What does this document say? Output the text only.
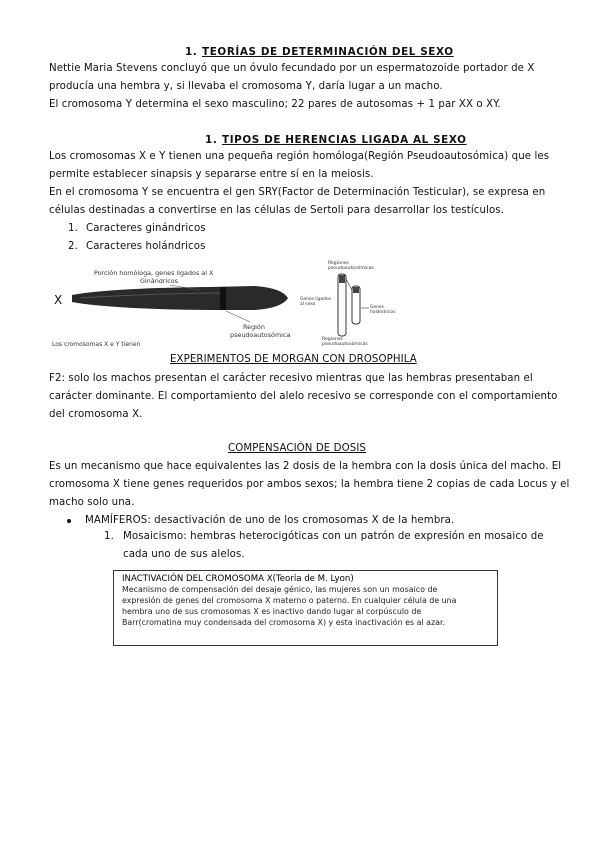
1. TEORÍAS DE DETERMINACIÓN DEL SEXO
Nettie Maria Stevens concluyó que un óvulo fecundado por un espermatozoide portador de X
producía una hembra y, si llevaba el cromosoma Y, daría lugar a un macho.
El cromosoma Y determina el sexo masculino; 22 pares de autosomas + 1 par XX o XY.
1. TIPOS DE HERENCIAS LIGADA AL SEXO
Los cromosomas X e Y tienen una pequeña región homóloga(Región Pseudoautosómica) que les
permite establecer sinapsis y separarse entre sí en la meiosis.
En el cromosoma Y se encuentra el gen SRY(Factor de Determinación Testicular), se expresa en
células destinadas a convertirse en las células de Sertoli para desarrollar los testículos.
1. Caracteres ginándricos
2. Caracteres holándricos
X
Porción homóloga, genes ligados al X
Ginándricos
Región
pseudoautosómica
Los cromosomas X e Y tienen
Regiones
pseudoautosómicas
Genes ligados
al sexo
Genes
holándricos
Regiones
pseudoautosómicas
EXPERIMENTOS DE MORGAN CON DROSOPHILA
F2: solo los machos presentan el carácter recesivo mientras que las hembras presentaban el
carácter dominante. El comportamiento del alelo recesivo se corresponde con el comportamiento
del cromosoma X.
COMPENSACIÓN DE DOSIS
Es un mecanismo que hace equivalentes las 2 dosis de la hembra con la dosis única del macho. El
cromosoma X tiene genes requeridos por ambos sexos; la hembra tiene 2 copias de cada Locus y el
macho solo una.
MAMÍFEROS: desactivación de uno de los cromosomas X de la hembra.
1. Mosaicismo: hembras heterocigóticas con un patrón de expresión en mosaico de
cada uno de sus alelos.
INACTIVACIÓN DEL CROMOSOMA X(Teoría de M. Lyon)
Mecanismo de compensación del desaje génico, las mujeres son un mosaico de
expresión de genes del cromosoma X materno o paterno. En cualquier célula de una
hembra uno de sus cromosomas X es inactivo dando lugar al corpúsculo de
Barr(cromatina muy condensada del cromosoma X) y esta inactivación es al azar.
